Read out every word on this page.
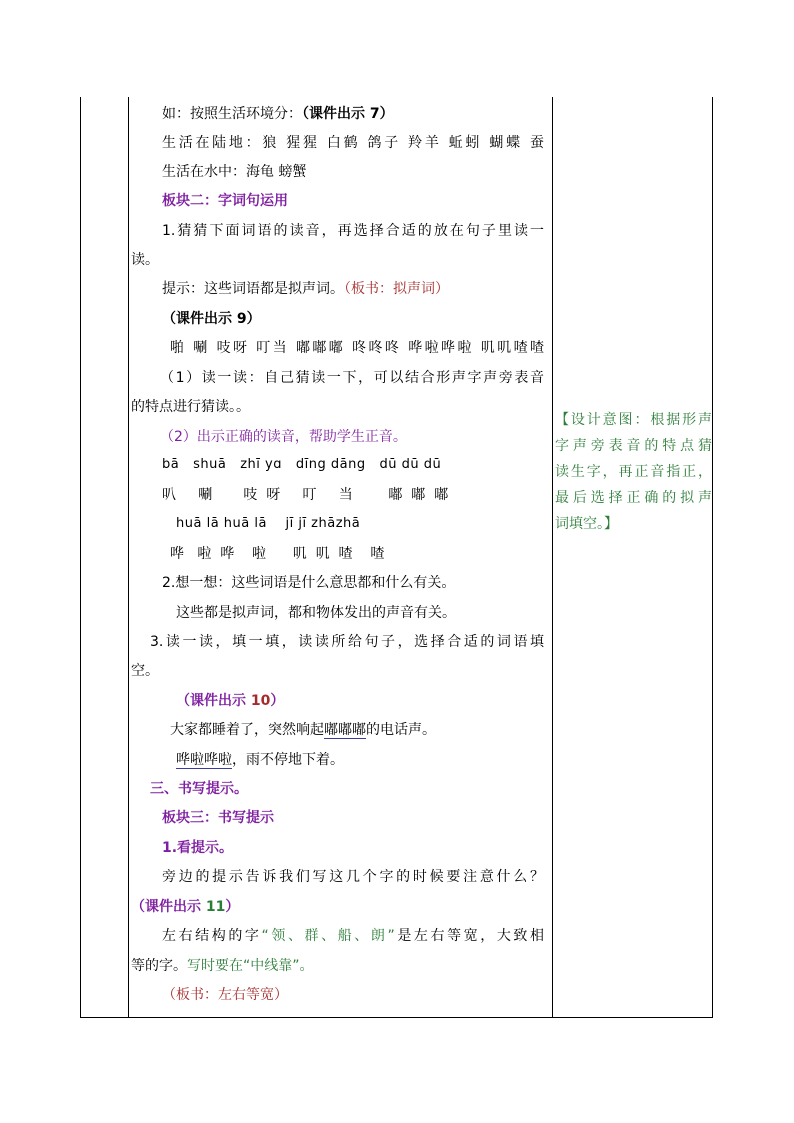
如：按照生活环境分：（课件出示 7）

生活在陆地：狼 猩猩 白鹤 鸽子 羚羊 蚯蚓 蝴蝶 蚕

生活在水中：海龟 螃蟹

板块二：字词句运用

1.猜猜下面词语的读音，再选择合适的放在句子里读一

读。

提示：这些词语都是拟声词。（板书：拟声词）

（课件出示 9）

啪 唰 吱呀 叮当 嘟嘟嘟 咚咚咚 哗啦哗啦 叽叽喳喳

（1）读一读：自己猜读一下，可以结合形声字声旁表音

的特点进行猜读。。

（2）出示正确的读音，帮助学生正音。

bā   shuā   zhī yɑ   dīng dāng   dū dū dū

叭     唰       吱  呀     叮     当        嘟  嘟  嘟

huā lā huā lā    jī jī zhāzhā

哗   啦  哗    啦      叽  叽  喳    喳

2.想一想：这些词语是什么意思都和什么有关。

这些都是拟声词，都和物体发出的声音有关。

3.读一读，填一填，读读所给句子，选择合适的词语填

空。

（课件出示 10）

大家都睡着了，突然响起嘟嘟嘟的电话声。

哗啦哗啦，雨不停地下着。

三、书写提示。

板块三：书写提示

1.看提示。

旁边的提示告诉我们写这几个字的时候要注意什么？

（课件出示 11）

左右结构的字“领、群、船、朗”是左右等宽，大致相

等的字。写时要在“中线靠”。

（板书：左右等宽）

【设计意图：根据形声
字声旁表音的特点猜
读生字，再正音指正，
最后选择正确的拟声
词填空。】
